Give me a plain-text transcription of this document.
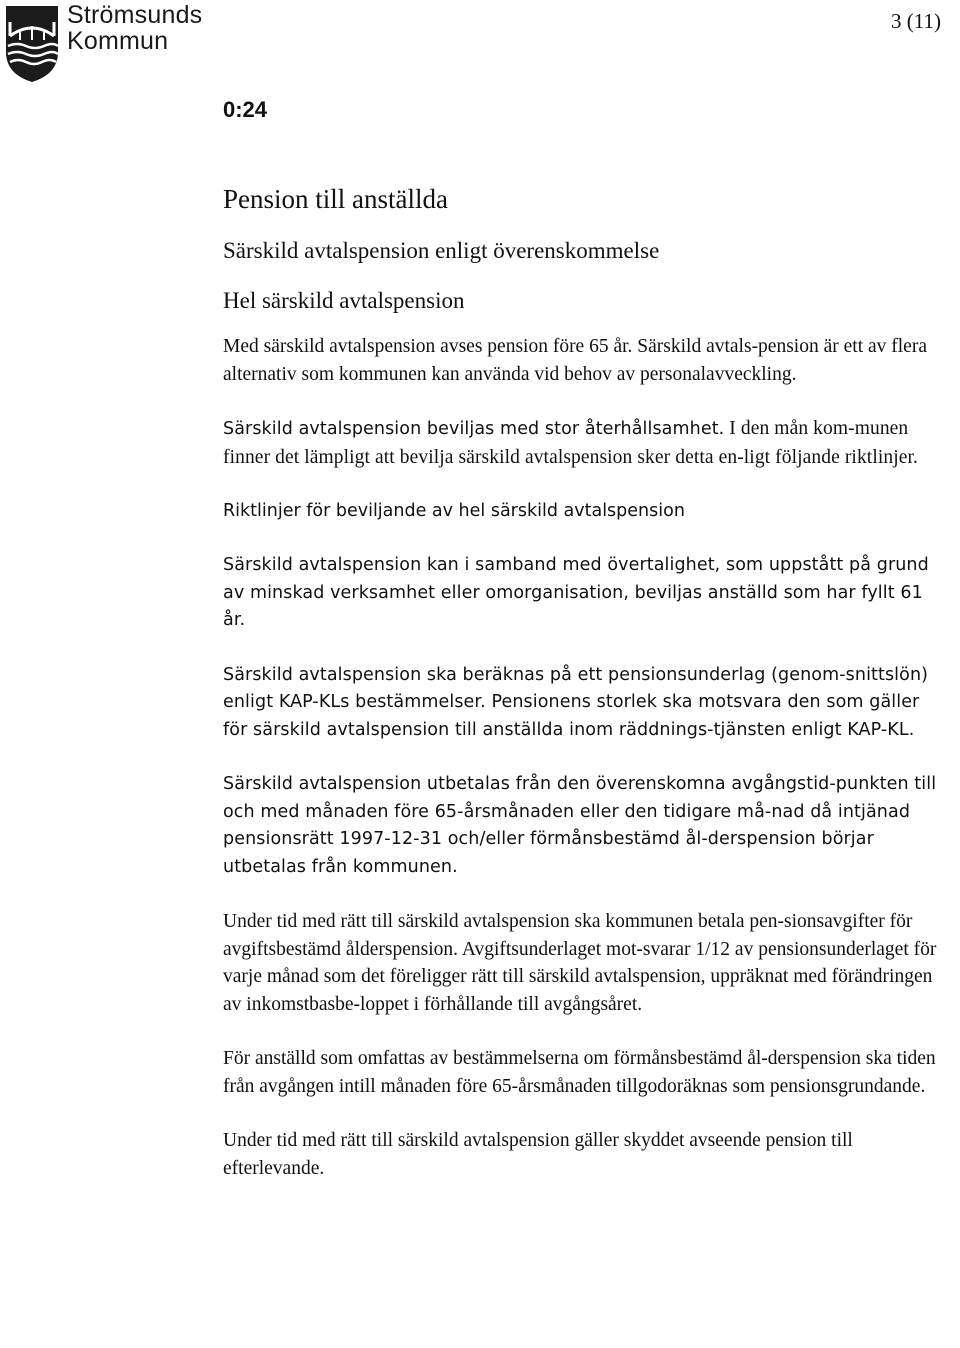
Strömsunds
Kommun
3 (11)
0:24
Pension till anställda
Särskild avtalspension enligt överenskommelse
Hel särskild avtalspension

Med särskild avtalspension avses pension före 65 år. Särskild avtals-pension är ett av flera alternativ som kommunen kan använda vid behov av personalavveckling.

Särskild avtalspension beviljas med stor återhållsamhet. I den mån kom-munen finner det lämpligt att bevilja särskild avtalspension sker detta en-ligt följande riktlinjer.

Riktlinjer för beviljande av hel särskild avtalspension

Särskild avtalspension kan i samband med övertalighet, som uppstått på grund av minskad verksamhet eller omorganisation, beviljas anställd som har fyllt 61 år.

Särskild avtalspension ska beräknas på ett pensionsunderlag (genom-snittslön) enligt KAP-KLs bestämmelser. Pensionens storlek ska motsvara den som gäller för särskild avtalspension till anställda inom räddnings-tjänsten enligt KAP-KL.

Särskild avtalspension utbetalas från den överenskomna avgångstid-punkten till och med månaden före 65-årsmånaden eller den tidigare må-nad då intjänad pensionsrätt 1997-12-31 och/eller förmånsbestämd ål-derspension börjar utbetalas från kommunen.

Under tid med rätt till särskild avtalspension ska kommunen betala pen-sionsavgifter för avgiftsbestämd ålderspension. Avgiftsunderlaget mot-svarar 1/12 av pensionsunderlaget för varje månad som det föreligger rätt till särskild avtalspension, uppräknat med förändringen av inkomstbasbe-loppet i förhållande till avgångsåret.

För anställd som omfattas av bestämmelserna om förmånsbestämd ål-derspension ska tiden från avgången intill månaden före 65-årsmånaden tillgodoräknas som pensionsgrundande.

Under tid med rätt till särskild avtalspension gäller skyddet avseende pension till efterlevande.
